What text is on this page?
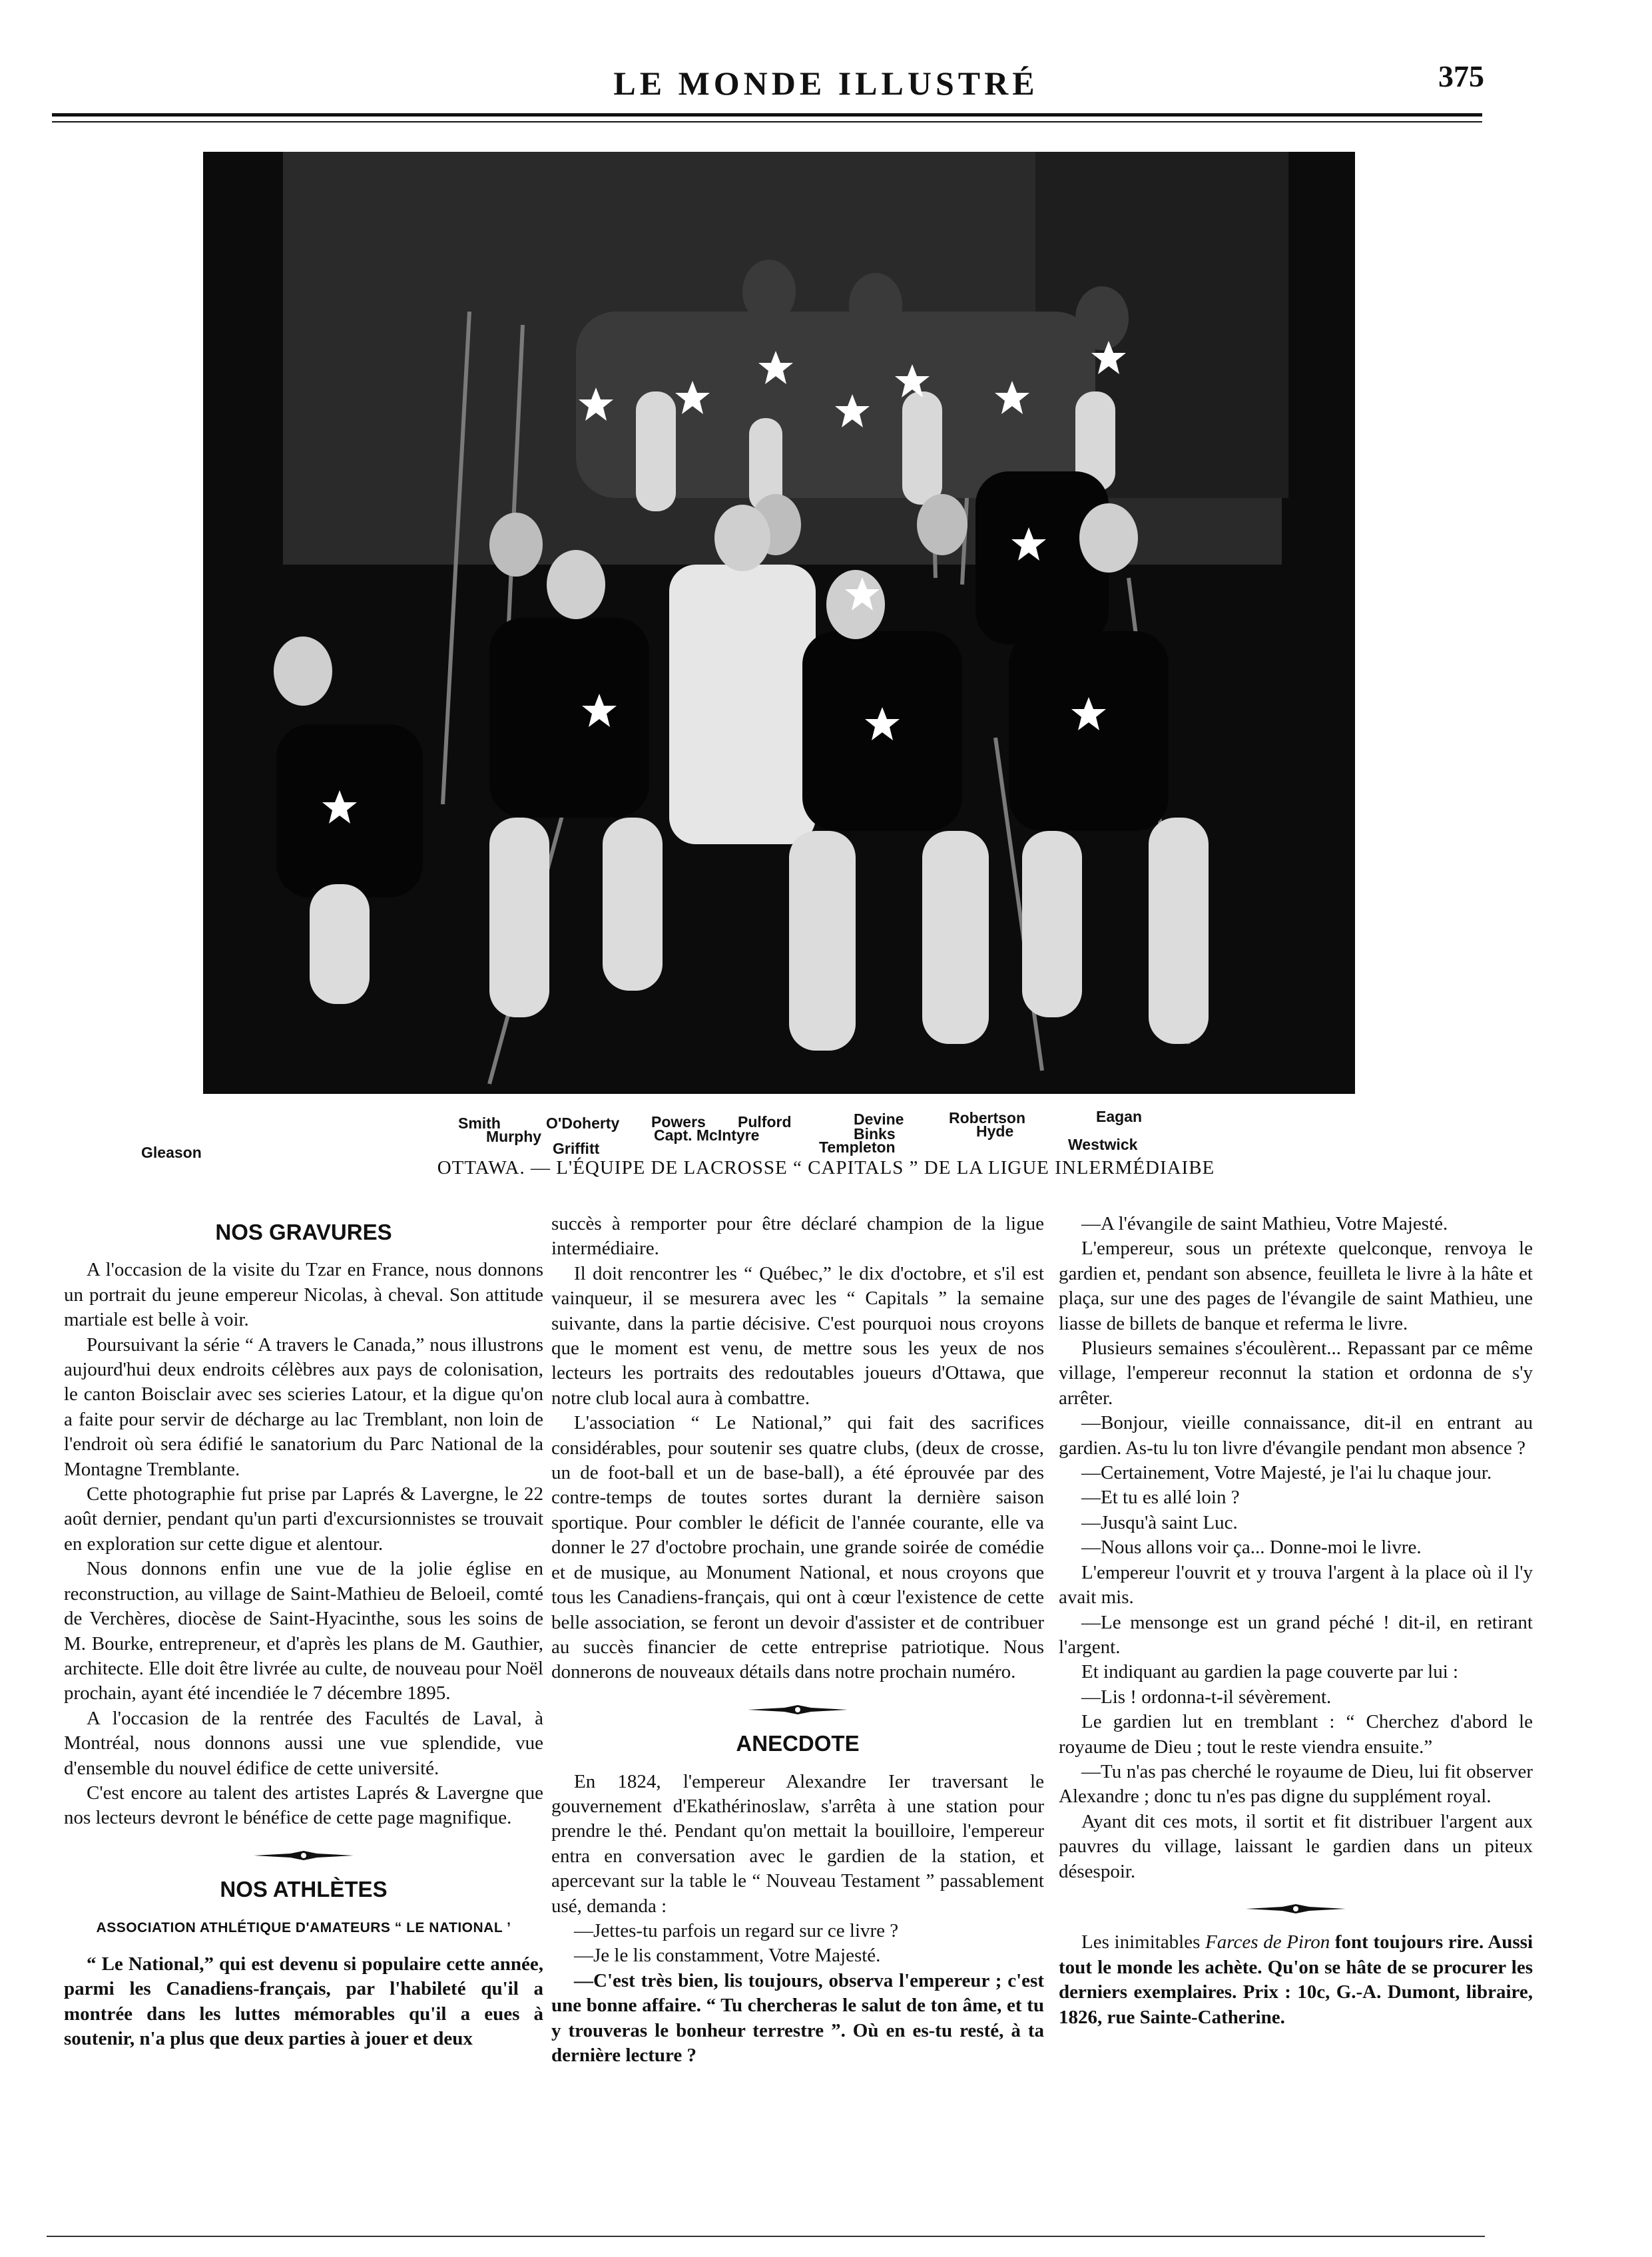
LE MONDE ILLUSTRÉ	375
Gleason
Smith
Murphy
O'Doherty
Griffitt
Powers Pulford
Capt. McIntyre
Devine
Binks
Templeton
Robertson
Hyde
Eagan
Westwick
OTTAWA. — L'ÉQUIPE DE LACROSSE “ CAPITALS ” DE LA LIGUE INLERMÉDIAIBE
NOS GRAVURES

A l'occasion de la visite du Tzar en France, nous donnons un portrait du jeune empereur Nicolas, à cheval. Son attitude martiale est belle à voir.

Poursuivant la série “ A travers le Canada,” nous illustrons aujourd'hui deux endroits célèbres aux pays de colonisation, le canton Boisclair avec ses scieries Latour, et la digue qu'on a faite pour servir de décharge au lac Tremblant, non loin de l'endroit où sera édifié le sanatorium du Parc National de la Montagne Tremblante.

Cette photographie fut prise par Laprés & Lavergne, le 22 août dernier, pendant qu'un parti d'excursionnistes se trouvait en exploration sur cette digue et alentour.

Nous donnons enfin une vue de la jolie église en reconstruction, au village de Saint-Mathieu de Beloeil, comté de Verchères, diocèse de Saint-Hyacinthe, sous les soins de M. Bourke, entrepreneur, et d'après les plans de M. Gauthier, architecte. Elle doit être livrée au culte, de nouveau pour Noël prochain, ayant été incendiée le 7 décembre 1895.

A l'occasion de la rentrée des Facultés de Laval, à Montréal, nous donnons aussi une vue splendide, vue d'ensemble du nouvel édifice de cette université.

C'est encore au talent des artistes Laprés & Lavergne que nos lecteurs devront le bénéfice de cette page magnifique.

NOS ATHLÈTES
ASSOCIATION ATHLÉTIQUE D'AMATEURS “ LE NATIONAL ’

“ Le National,” qui est devenu si populaire cette année, parmi les Canadiens-français, par l'habileté qu'il a montrée dans les luttes mémorables qu'il a eues à soutenir, n'a plus que deux parties à jouer et deux

succès à remporter pour être déclaré champion de la ligue intermédiaire.

Il doit rencontrer les “ Québec,” le dix d'octobre, et s'il est vainqueur, il se mesurera avec les “ Capitals ” la semaine suivante, dans la partie décisive. C'est pourquoi nous croyons que le moment est venu, de mettre sous les yeux de nos lecteurs les portraits des redoutables joueurs d'Ottawa, que notre club local aura à combattre.

L'association “ Le National,” qui fait des sacrifices considérables, pour soutenir ses quatre clubs, (deux de crosse, un de foot-ball et un de base-ball), a été éprouvée par des contre-temps de toutes sortes durant la dernière saison sportique. Pour combler le déficit de l'année courante, elle va donner le 27 d'octobre prochain, une grande soirée de comédie et de musique, au Monument National, et nous croyons que tous les Canadiens-français, qui ont à cœur l'existence de cette belle association, se feront un devoir d'assister et de contribuer au succès financier de cette entreprise patriotique. Nous donnerons de nouveaux détails dans notre prochain numéro.

ANECDOTE

En 1824, l'empereur Alexandre Ier traversant le gouvernement d'Ekathérinoslaw, s'arrêta à une station pour prendre le thé. Pendant qu'on mettait la bouilloire, l'empereur entra en conversation avec le gardien de la station, et apercevant sur la table le “ Nouveau Testament ” passablement usé, demanda :

—Jettes-tu parfois un regard sur ce livre ?

—Je le lis constamment, Votre Majesté.

—C'est très bien, lis toujours, observa l'empereur ; c'est une bonne affaire. “ Tu chercheras le salut de ton âme, et tu y trouveras le bonheur terrestre ”. Où en es-tu resté, à ta dernière lecture ?

—A l'évangile de saint Mathieu, Votre Majesté.

L'empereur, sous un prétexte quelconque, renvoya le gardien et, pendant son absence, feuilleta le livre à la hâte et plaça, sur une des pages de l'évangile de saint Mathieu, une liasse de billets de banque et referma le livre.

Plusieurs semaines s'écoulèrent... Repassant par ce même village, l'empereur reconnut la station et ordonna de s'y arrêter.

—Bonjour, vieille connaissance, dit-il en entrant au gardien. As-tu lu ton livre d'évangile pendant mon absence ?

—Certainement, Votre Majesté, je l'ai lu chaque jour.

—Et tu es allé loin ?

—Jusqu'à saint Luc.

—Nous allons voir ça... Donne-moi le livre.

L'empereur l'ouvrit et y trouva l'argent à la place où il l'y avait mis.

—Le mensonge est un grand péché ! dit-il, en retirant l'argent.

Et indiquant au gardien la page couverte par lui :

—Lis ! ordonna-t-il sévèrement.

Le gardien lut en tremblant : “ Cherchez d'abord le royaume de Dieu ; tout le reste viendra ensuite.”

—Tu n'as pas cherché le royaume de Dieu, lui fit observer Alexandre ; donc tu n'es pas digne du supplément royal.

Ayant dit ces mots, il sortit et fit distribuer l'argent aux pauvres du village, laissant le gardien dans un piteux désespoir.

Les inimitables Farces de Piron font toujours rire. Aussi tout le monde les achète. Qu'on se hâte de se procurer les derniers exemplaires. Prix : 10c, G.-A. Dumont, libraire, 1826, rue Sainte-Catherine.
